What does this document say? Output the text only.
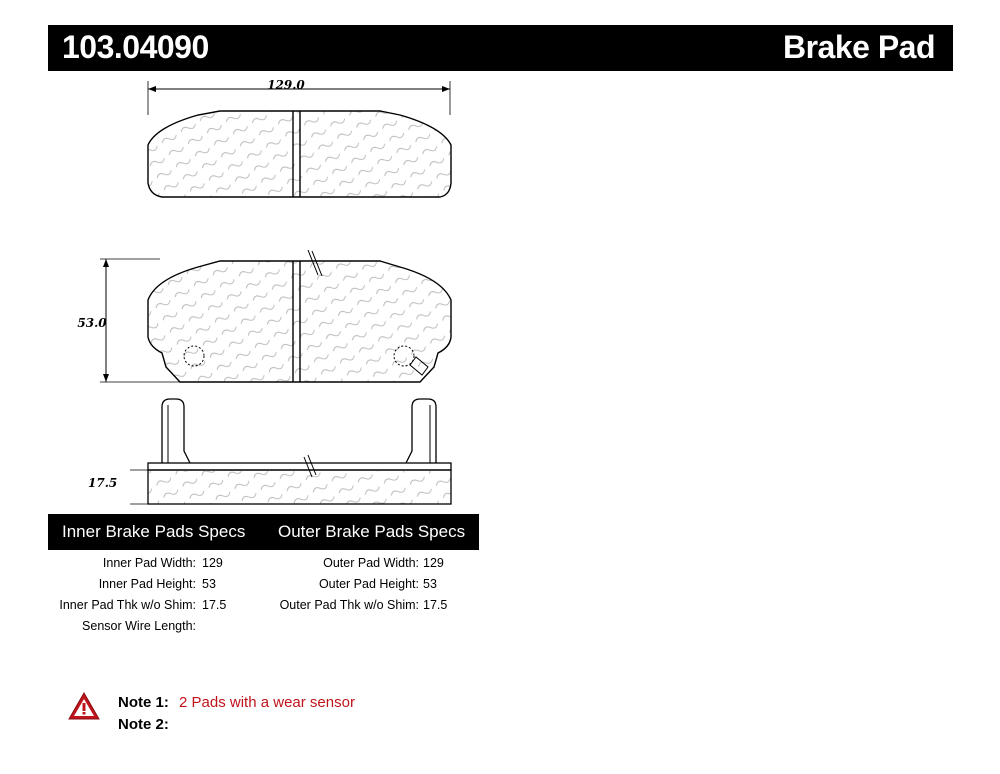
103.04090	Brake Pad
129.0
53.0
17.5
Inner Brake Pads Specs Outer Brake Pads Specs
Inner Pad Width: 129
Inner Pad Height: 53
Inner Pad Thk w/o Shim: 17.5
Sensor Wire Length:
Outer Pad Width: 129
Outer Pad Height: 53
Outer Pad Thk w/o Shim: 17.5
Note 1: 2 Pads with a wear sensor
Note 2:
